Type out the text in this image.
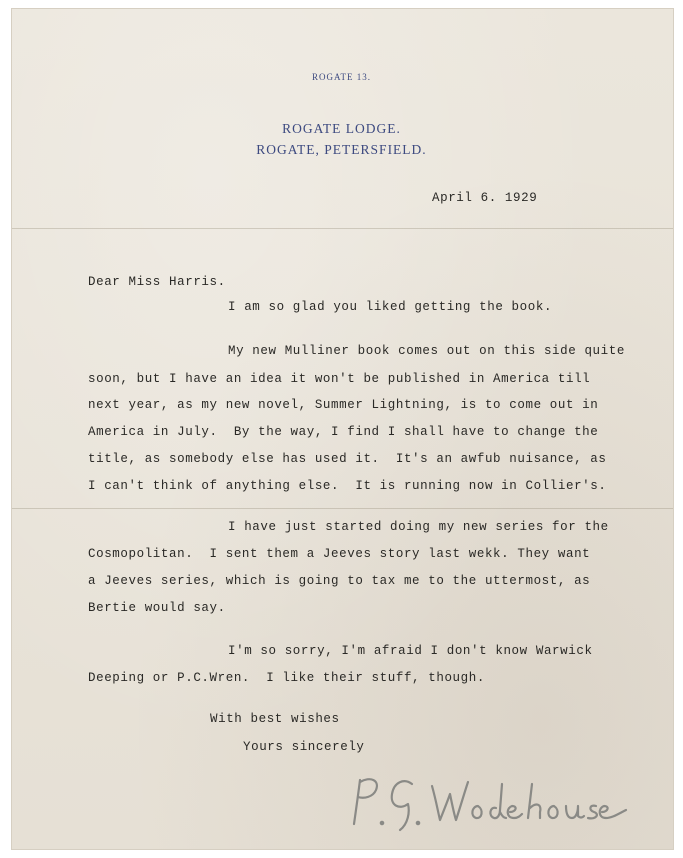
ROGATE 13.

ROGATE LODGE.

ROGATE, PETERSFIELD.

April 6. 1929

Dear Miss Harris.

I am so glad you liked getting the book.

My new Mulliner book comes out on this side quite

soon, but I have an idea it won't be published in America till

next year, as my new novel, Summer Lightning, is to come out in

America in July.  By the way, I find I shall have to change the

title, as somebody else has used it.  It's an awfub nuisance, as

I can't think of anything else.  It is running now in Collier's.

I have just started doing my new series for the

Cosmopolitan.  I sent them a Jeeves story last wekk. They want

a Jeeves series, which is going to tax me to the uttermost, as

Bertie would say.

I'm so sorry, I'm afraid I don't know Warwick

Deeping or P.C.Wren.  I like their stuff, though.

With best wishes

Yours sincerely
